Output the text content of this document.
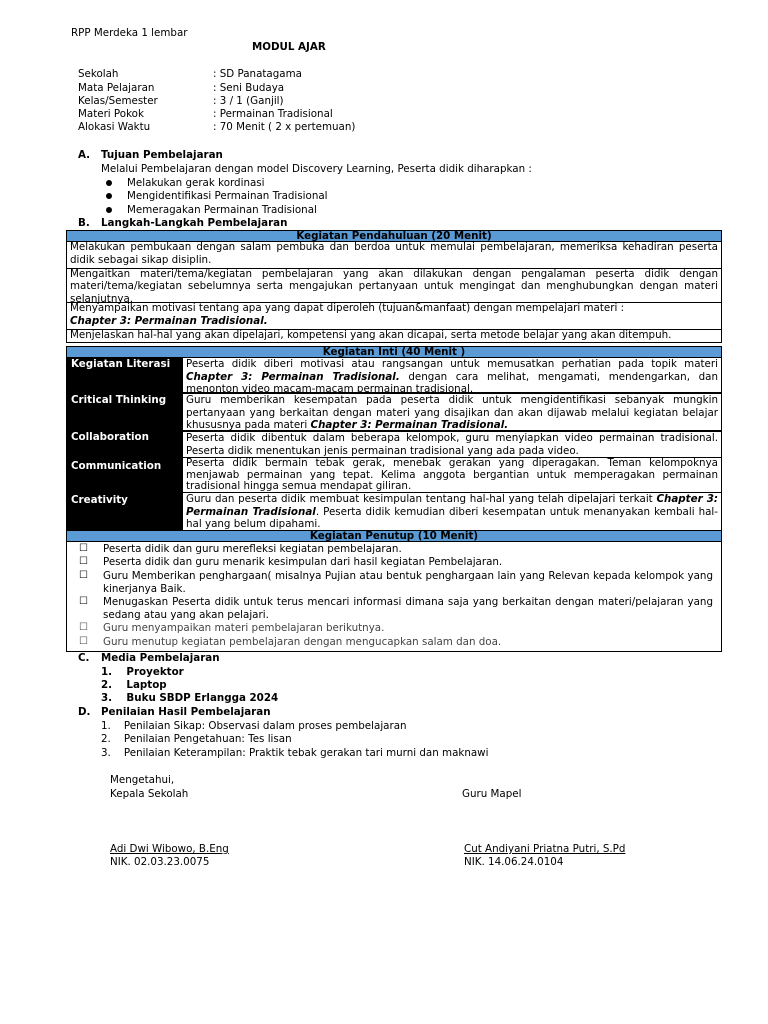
RPP Merdeka 1 lembar
MODUL AJAR
Sekolah	: SD Panatagama
Mata Pelajaran	: Seni Budaya
Kelas/Semester	: 3 / 1 (Ganjil)
Materi Pokok	: Permainan Tradisional
Alokasi Waktu	: 70 Menit ( 2 x pertemuan)
A. Tujuan Pembelajaran
Melalui Pembelajaran dengan model Discovery Learning, Peserta didik diharapkan :
Melakukan gerak kordinasi
Mengidentifikasi Permainan Tradisional
Memeragakan Permainan Tradisional
B. Langkah-Langkah Pembelajaran
Kegiatan Pendahuluan (20 Menit)
Melakukan pembukaan dengan salam pembuka dan berdoa untuk memulai pembelajaran, memeriksa kehadiran peserta didik sebagai sikap disiplin.
Mengaitkan materi/tema/kegiatan pembelajaran yang akan dilakukan dengan pengalaman peserta didik dengan materi/tema/kegiatan sebelumnya serta mengajukan pertanyaan untuk mengingat dan menghubungkan dengan materi selanjutnya.
Menyampaikan motivasi tentang apa yang dapat diperoleh (tujuan&manfaat) dengan mempelajari materi :
Chapter 3: Permainan Tradisional.
Menjelaskan hal-hal yang akan dipelajari, kompetensi yang akan dicapai, serta metode belajar yang akan ditempuh.
Kegiatan Inti (40 Menit )
Kegiatan Literasi	Peserta didik diberi motivasi atau rangsangan untuk memusatkan perhatian pada topik materi Chapter 3: Permainan Tradisional. dengan cara melihat, mengamati, mendengarkan, dan menonton video macam-macam permainan tradisional.
Critical Thinking	Guru memberikan kesempatan pada peserta didik untuk mengidentifikasi sebanyak mungkin pertanyaan yang berkaitan dengan materi yang disajikan dan akan dijawab melalui kegiatan belajar khususnya pada materi Chapter 3: Permainan Tradisional.
Collaboration	Peserta didik dibentuk dalam beberapa kelompok, guru menyiapkan video permainan tradisional. Peserta didik menentukan jenis permainan tradisional yang ada pada video.
Communication	Peserta didik bermain tebak gerak, menebak gerakan yang diperagakan. Teman kelompoknya menjawab permainan yang tepat. Kelima anggota bergantian untuk memperagakan permainan tradisional hingga semua mendapat giliran.
Creativity	Guru dan peserta didik membuat kesimpulan tentang hal-hal yang telah dipelajari terkait Chapter 3: Permainan Tradisional. Peserta didik kemudian diberi kesempatan untuk menanyakan kembali hal-hal yang belum dipahami.
Kegiatan Penutup (10 Menit)
☐ Peserta didik dan guru merefleksi kegiatan pembelajaran.
☐ Peserta didik dan guru menarik kesimpulan dari hasil kegiatan Pembelajaran.
☐ Guru Memberikan penghargaan( misalnya Pujian atau bentuk penghargaan lain yang Relevan kepada kelompok yang kinerjanya Baik.
☐ Menugaskan Peserta didik untuk terus mencari informasi dimana saja yang berkaitan dengan materi/pelajaran yang sedang atau yang akan pelajari.
☐ Guru menyampaikan materi pembelajaran berikutnya.
☐ Guru menutup kegiatan pembelajaran dengan mengucapkan salam dan doa.
C. Media Pembelajaran
1.    Proyektor
2.    Laptop
3.    Buku SBDP Erlangga 2024
D. Penilaian Hasil Pembelajaran
1.    Penilaian Sikap: Observasi dalam proses pembelajaran
2.    Penilaian Pengetahuan: Tes lisan
3.    Penilaian Keterampilan: Praktik tebak gerakan tari murni dan maknawi
Mengetahui,
Kepala Sekolah	Guru Mapel
Adi Dwi Wibowo, B.Eng
NIK. 02.03.23.0075
Cut Andiyani Priatna Putri, S.Pd
NIK. 14.06.24.0104
